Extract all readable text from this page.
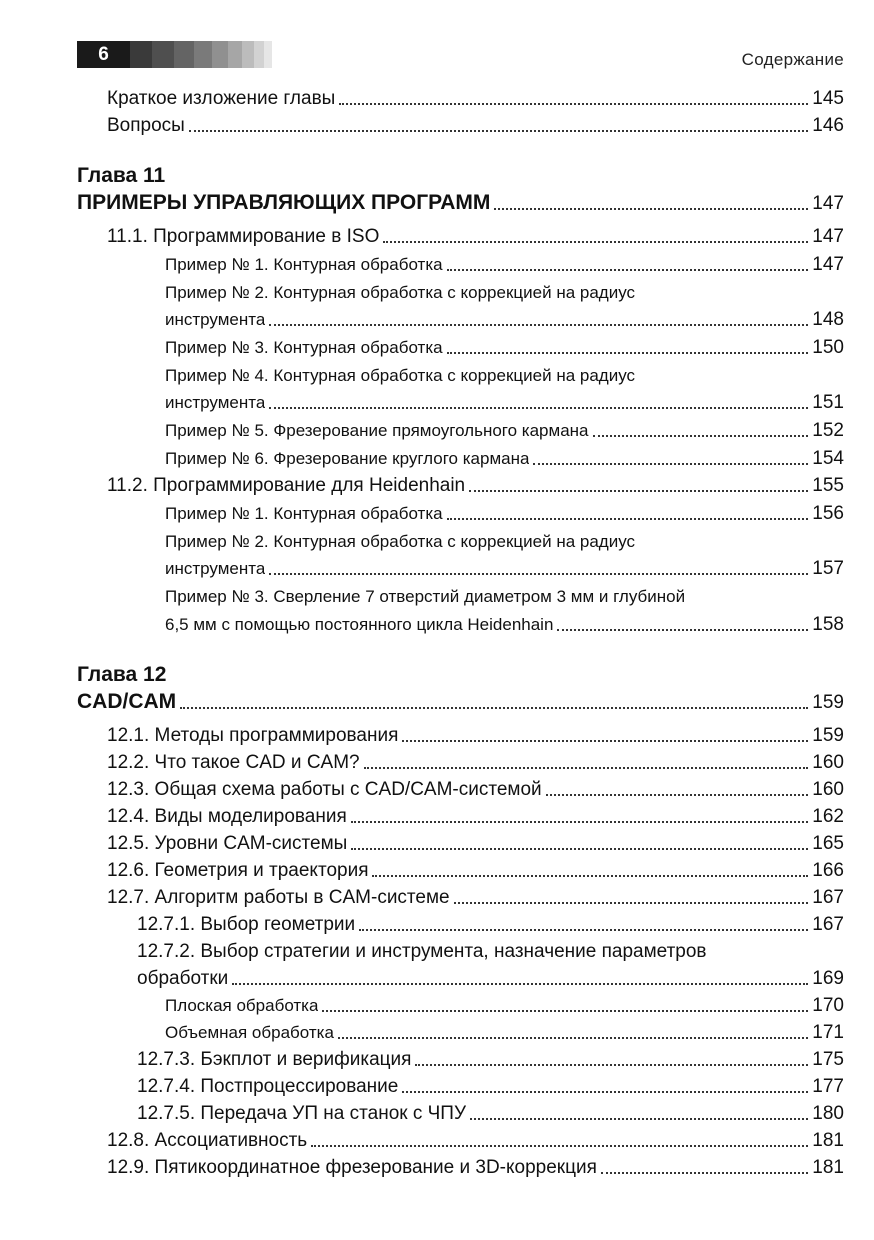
6	Содержание
Краткое изложение главы	145
Вопросы	146
Глава 11
ПРИМЕРЫ УПРАВЛЯЮЩИХ ПРОГРАММ	147
11.1. Программирование в ISO	147
Пример № 1. Контурная обработка	147
Пример № 2. Контурная обработка с коррекцией на радиус
инструмента	148
Пример № 3. Контурная обработка	150
Пример № 4. Контурная обработка с коррекцией на радиус
инструмента	151
Пример № 5. Фрезерование прямоугольного кармана	152
Пример № 6. Фрезерование круглого кармана	154
11.2. Программирование для Heidenhain	155
Пример № 1. Контурная обработка	156
Пример № 2. Контурная обработка с коррекцией на радиус
инструмента	157
Пример № 3. Сверление 7 отверстий диаметром 3 мм и глубиной
6,5 мм с помощью постоянного цикла Heidenhain	158
Глава 12
CAD/CAM	159
12.1. Методы программирования	159
12.2. Что такое CAD и CAM?	160
12.3. Общая схема работы с CAD/CAM-системой	160
12.4. Виды моделирования	162
12.5. Уровни CAM-системы	165
12.6. Геометрия и траектория	166
12.7. Алгоритм работы в CAM-системе	167
12.7.1. Выбор геометрии	167
12.7.2. Выбор стратегии и инструмента, назначение параметров
обработки	169
Плоская обработка	170
Объемная обработка	171
12.7.3. Бэкплот и верификация	175
12.7.4. Постпроцессирование	177
12.7.5. Передача УП на станок с ЧПУ	180
12.8. Ассоциативность	181
12.9. Пятикоординатное фрезерование и 3D-коррекция	181
